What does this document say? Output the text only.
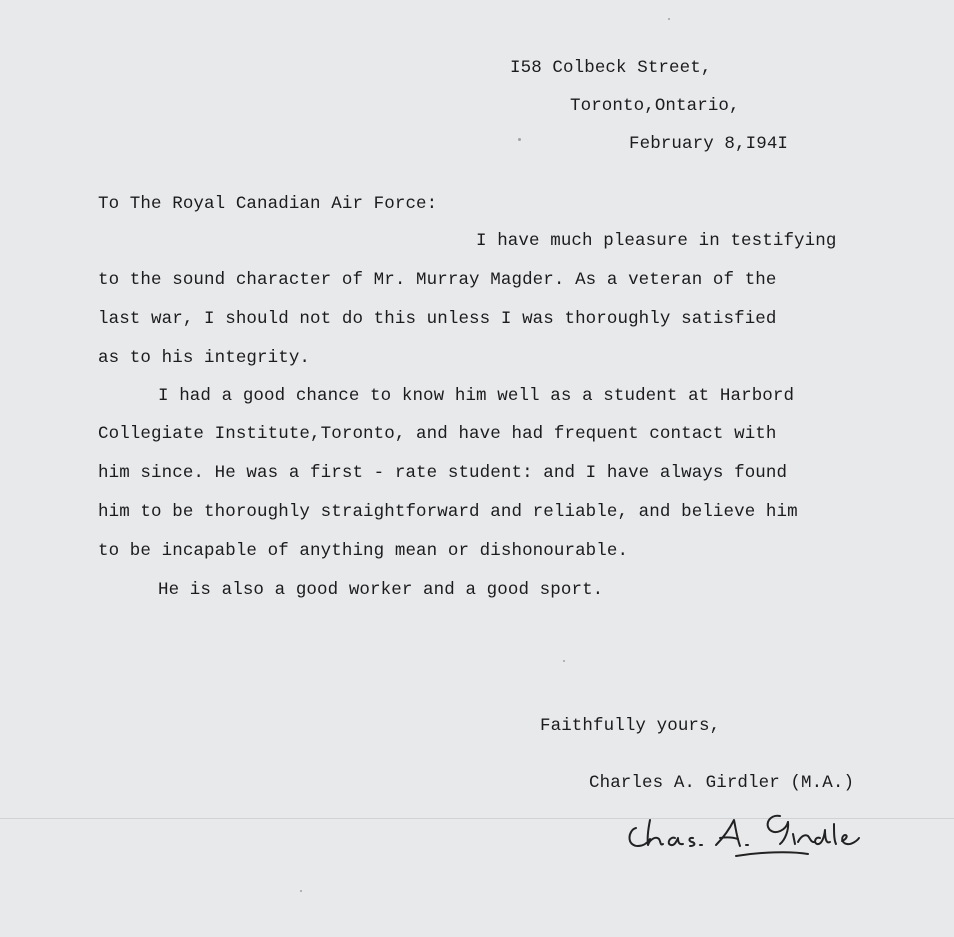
I58 Colbeck Street,
Toronto,Ontario,
February 8,I94I
To The Royal Canadian Air Force:
I have much pleasure in testifying
to the sound character of Mr. Murray Magder. As a veteran of the
last war, I should not do this unless I was thoroughly satisfied
as to his integrity.
I had a good chance to know him well as a student at Harbord
Collegiate Institute,Toronto, and have had frequent contact with
him since. He was a first - rate student: and I have always found
him to be thoroughly straightforward and reliable, and believe him
to be incapable of anything mean or dishonourable.
He is also a good worker and a good sport.
Faithfully yours,
Charles A. Girdler (M.A.)
